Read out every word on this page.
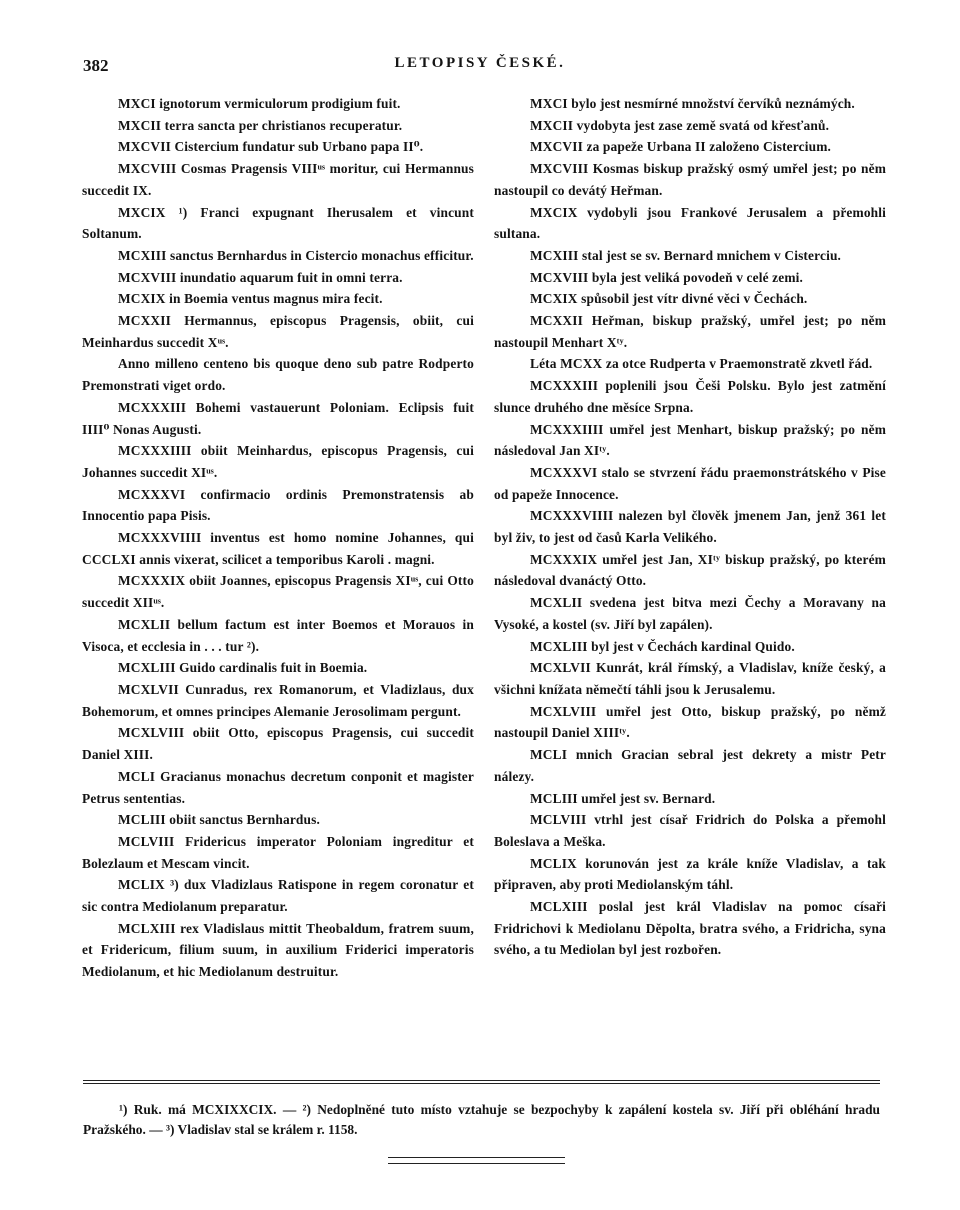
382	LETOPISY ČESKÉ.

MXCI ignotorum vermiculorum prodigium fuit.

MXCII terra sancta per christianos recuperatur.

MXCVII Cistercium fundatur sub Urbano papa II⁰.

MXCVIII Cosmas Pragensis VIIIᵘˢ moritur, cui Hermannus succedit IX.

MXCIX ¹) Franci expugnant Iherusalem et vincunt Soltanum.

MCXIII sanctus Bernhardus in Cistercio monachus efficitur.

MCXVIII inundatio aquarum fuit in omni terra.

MCXIX in Boemia ventus magnus mira fecit.

MCXXII Hermannus, episcopus Pragensis, obiit, cui Meinhardus succedit Xᵘˢ.

Anno milleno centeno bis quoque deno sub patre Rodperto Premonstrati viget ordo.

MCXXXIII Bohemi vastauerunt Poloniam. Eclipsis fuit IIII⁰ Nonas Augusti.

MCXXXIIII obiit Meinhardus, episcopus Pragensis, cui Johannes succedit XIᵘˢ.

MCXXXVI confirmacio ordinis Premonstratensis ab Innocentio papa Pisis.

MCXXXVIIII inventus est homo nomine Johannes, qui CCCLXI annis vixerat, scilicet a temporibus Karoli . magni.

MCXXXIX obiit Joannes, episcopus Pragensis XIᵘˢ, cui Otto succedit XIIᵘˢ.

MCXLII bellum factum est inter Boemos et Morauos in Visoca, et ecclesia in . . . tur ²).

MCXLIII Guido cardinalis fuit in Boemia.

MCXLVII Cunradus, rex Romanorum, et Vladizlaus, dux Bohemorum, et omnes principes Alemanie Jerosolimam pergunt.

MCXLVIII obiit Otto, episcopus Pragensis, cui succedit Daniel XIII.

MCLI Gracianus monachus decretum conponit et magister Petrus sententias.

MCLIII obiit sanctus Bernhardus.

MCLVIII Fridericus imperator Poloniam ingreditur et Bolezlaum et Mescam vincit.

MCLIX ³) dux Vladizlaus Ratispone in regem coronatur et sic contra Mediolanum preparatur.

MCLXIII rex Vladislaus mittit Theobaldum, fratrem suum, et Fridericum, filium suum, in auxilium Friderici imperatoris Mediolanum, et hic Mediolanum destruitur.

MXCI bylo jest nesmírné množství červíků neznámých.

MXCII vydobyta jest zase země svatá od křesťanů.

MXCVII za papeže Urbana II založeno Cistercium.

MXCVIII Kosmas biskup pražský osmý umřel jest; po něm nastoupil co devátý Heřman.

MXCIX vydobyli jsou Frankové Jerusalem a přemohli sultana.

MCXIII stal jest se sv. Bernard mnichem v Cisterciu.

MCXVIII byla jest veliká povodeň v celé zemi.

MCXIX spůsobil jest vítr divné věci v Čechách.

MCXXII Heřman, biskup pražský, umřel jest; po něm nastoupil Menhart Xᵗʸ.

Léta MCXX za otce Rudperta v Praemonstratě zkvetl řád.

MCXXXIII poplenili jsou Češi Polsku. Bylo jest zatmění slunce druhého dne měsíce Srpna.

MCXXXIIII umřel jest Menhart, biskup pražský; po něm následoval Jan XIᵗʸ.

MCXXXVI stalo se stvrzení řádu praemonstrátského v Pise od papeže Innocence.

MCXXXVIIII nalezen byl člověk jmenem Jan, jenž 361 let byl živ, to jest od časů Karla Velikého.

MCXXXIX umřel jest Jan, XIᵗʸ biskup pražský, po kterém následoval dvanáctý Otto.

MCXLII svedena jest bitva mezi Čechy a Moravany na Vysoké, a kostel (sv. Jiří byl zapálen).

MCXLIII byl jest v Čechách kardinal Quido.

MCXLVII Kunrát, král římský, a Vladislav, kníže český, a všichni knížata němečtí táhli jsou k Jerusalemu.

MCXLVIII umřel jest Otto, biskup pražský, po němž nastoupil Daniel XIIIᵗʸ.

MCLI mnich Gracian sebral jest dekrety a mistr Petr nálezy.

MCLIII umřel jest sv. Bernard.

MCLVIII vtrhl jest císař Fridrich do Polska a přemohl Boleslava a Meška.

MCLIX korunován jest za krále kníže Vladislav, a tak připraven, aby proti Mediolanským táhl.

MCLXIII poslal jest král Vladislav na pomoc císaři Fridrichovi k Mediolanu Děpolta, bratra svého, a Fridricha, syna svého, a tu Mediolan byl jest rozbořen.

¹) Ruk. má MCXIXXCIX. — ²) Nedoplněné tuto místo vztahuje se bezpochyby k zapálení kostela sv. Jiří při obléhání hradu Pražského. — ³) Vladislav stal se králem r. 1158.
